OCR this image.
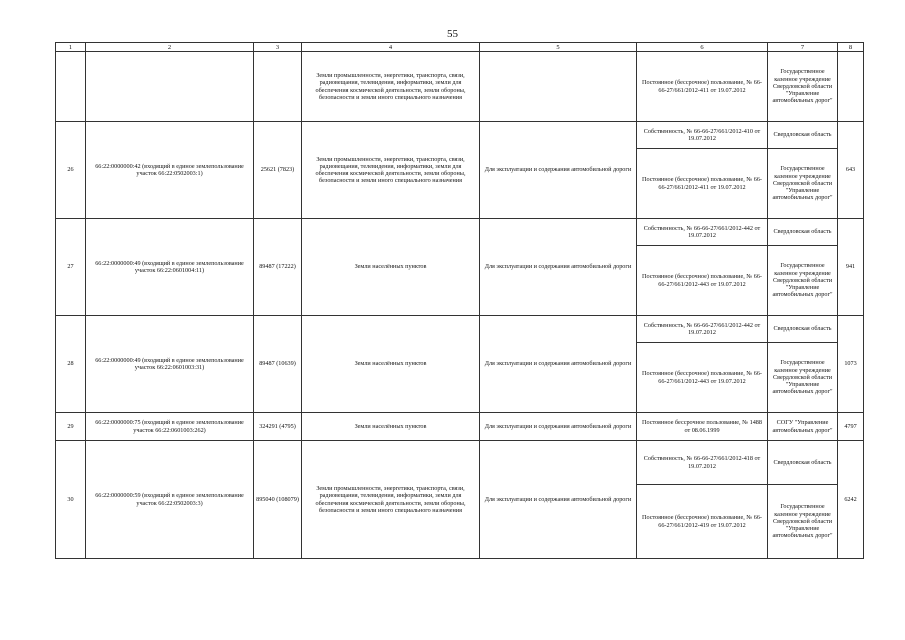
55
1	2	3	4	5	6	7	8
			Земли промышленности, энергетики, транспорта, связи, радиовещания, телевидения, информатики, земли для обеспечения космической деятельности, земли обороны, безопасности и земли иного специального назначения		Постоянное (бессрочное) пользование, № 66-66-27/661/2012-411 от 19.07.2012	Государственное казенное учреждение Свердловской области "Управление автомобильных дорог"	
26	66:22:0000000:42 (входящий в единое землепользование участок 66:22:0502003:1)	25621 (7823)	Земли промышленности, энергетики, транспорта, связи, радиовещания, телевидения, информатики, земли для обеспечения космической деятельности, земли обороны, безопасности и земли иного специального назначения	Для эксплуатации и содержания автомобильной дороги	Собственность, № 66-66-27/661/2012-410 от 19.07.2012	Свердловская область	643
					Постоянное (бессрочное) пользование, № 66-66-27/661/2012-411 от 19.07.2012	Государственное казенное учреждение Свердловской области "Управление автомобильных дорог"	
27	66:22:0000000:49 (входящий в единое землепользование участок 66:22:0601004:11)	89487 (17222)	Земли населённых пунктов	Для эксплуатации и содержания автомобильной дороги	Собственность, № 66-66-27/661/2012-442 от 19.07.2012	Свердловская область	941
					Постоянное (бессрочное) пользование, № 66-66-27/661/2012-443 от 19.07.2012	Государственное казенное учреждение Свердловской области "Управление автомобильных дорог"	
28	66:22:0000000:49 (входящий в единое землепользование участок 66:22:0601003:31)	89487 (10639)	Земли населённых пунктов	Для эксплуатации и содержания автомобильной дороги	Собственность, № 66-66-27/661/2012-442 от 19.07.2012	Свердловская область	1073
					Постоянное (бессрочное) пользование, № 66-66-27/661/2012-443 от 19.07.2012	Государственное казенное учреждение Свердловской области "Управление автомобильных дорог"	
29	66:22:0000000:75 (входящий в единое землепользование участок 66:22:0601003:262)	324291 (4795)	Земли населённых пунктов	Для эксплуатации и содержания автомобильной дороги	Постоянное бессрочное пользование, № 1488 от 08.06.1999	СОГУ "Управление автомобильных дорог"	4797
30	66:22:0000000:59 (входящий в единое землепользование участок 66:22:0502003:3)	895040 (108079)	Земли промышленности, энергетики, транспорта, связи, радиовещания, телевидения, информатики, земли для обеспечения космической деятельности, земли обороны, безопасности и земли иного специального назначения	Для эксплуатации и содержания автомобильной дороги	Собственность, № 66-66-27/661/2012-418 от 19.07.2012	Свердловская область	6242
					Постоянное (бессрочное) пользование, № 66-66-27/661/2012-419 от 19.07.2012	Государственное казенное учреждение Свердловской области "Управление автомобильных дорог"	
